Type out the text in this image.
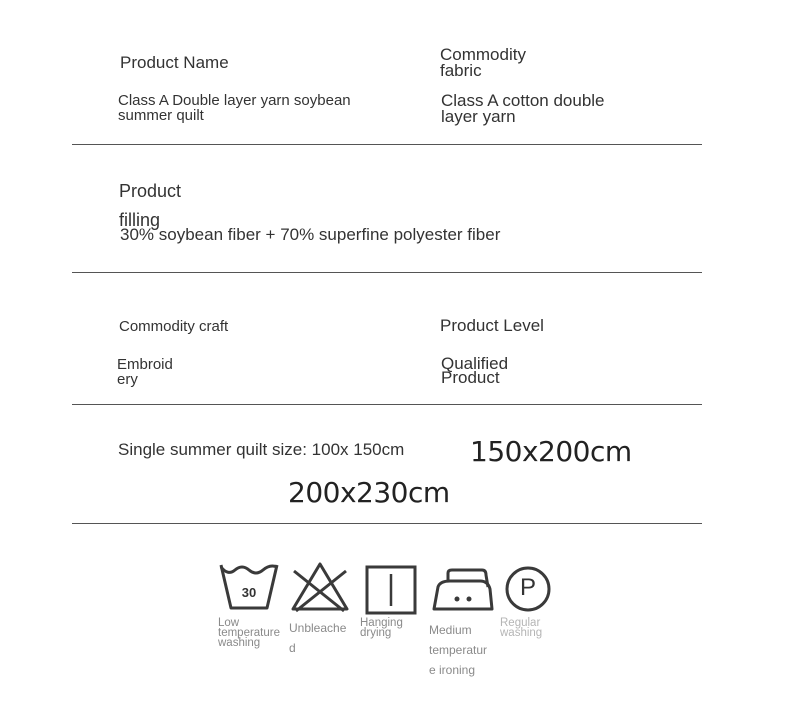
Product Name
Class A Double layer yarn soybean
summer quilt
Commodity
fabric
Class A cotton double
layer yarn
Product
filling
30% soybean fiber + 70% superfine polyester fiber
Commodity craft
Embroid
ery
Product Level
Qualified
Product
Single summer quilt size: 100x 150cm 150x200cm
200x230cm
30	P
Low
temperature
washing
Unbleache
d
Hanging
drying	Medium
temperatur
e ironing
Regular
washing
